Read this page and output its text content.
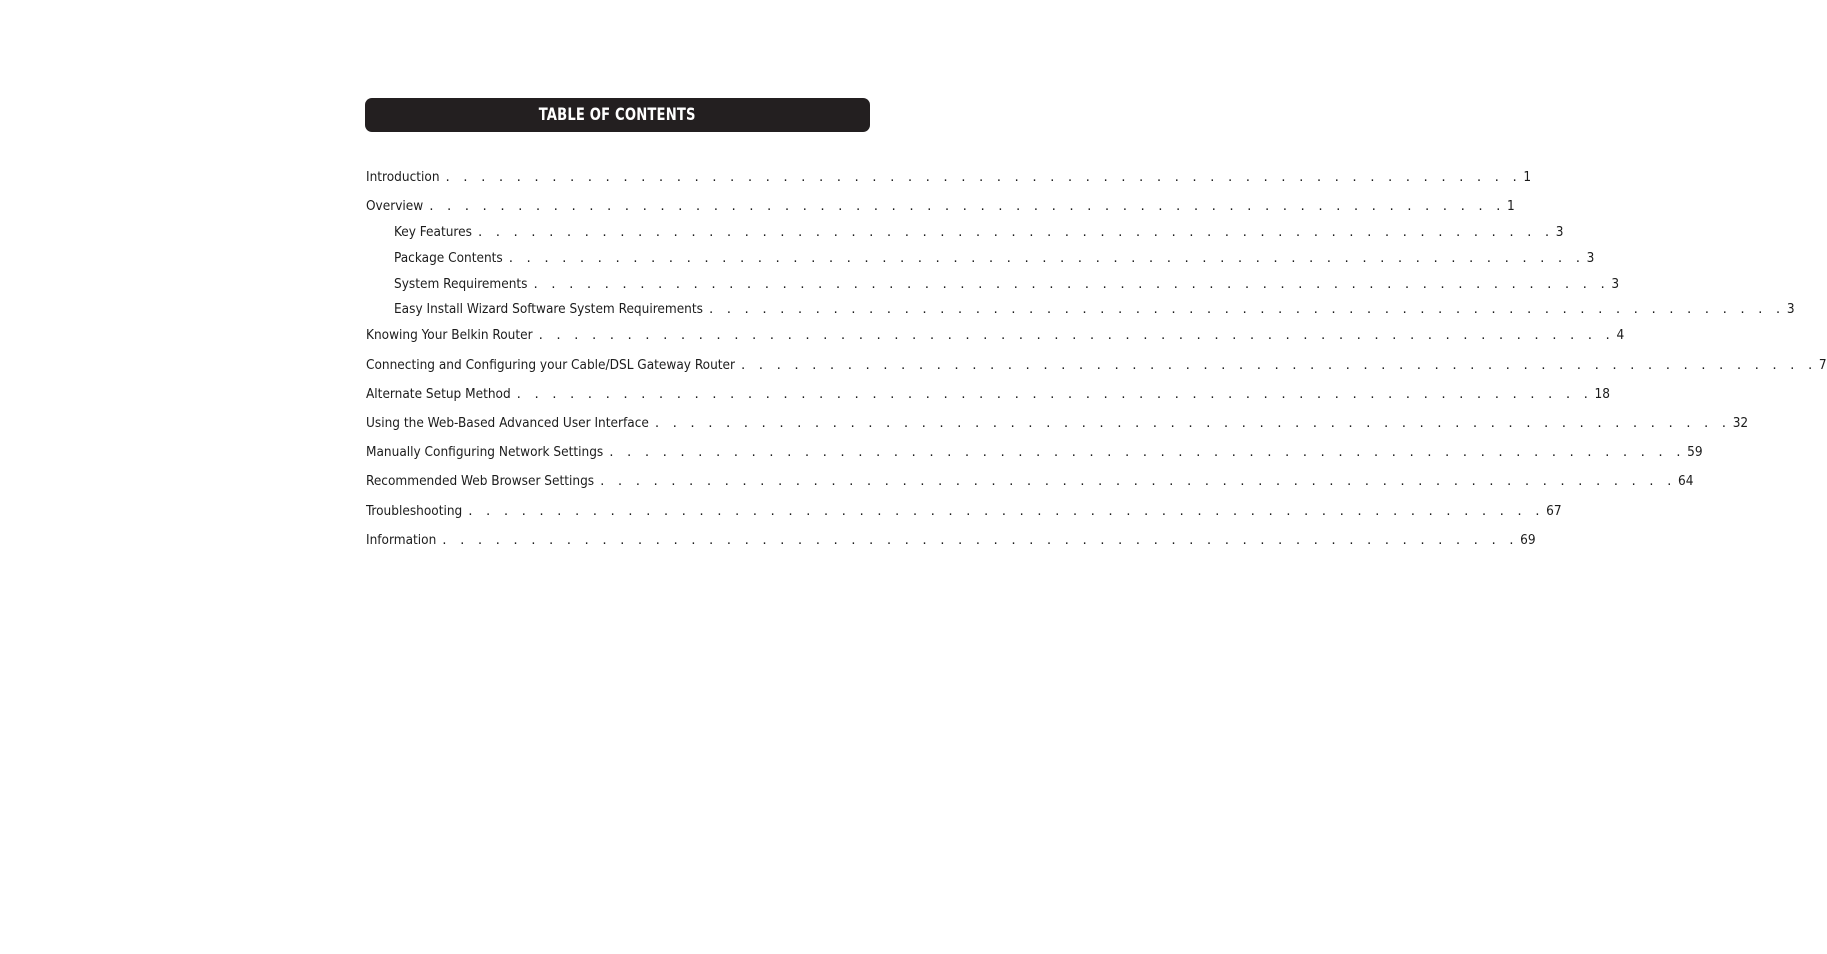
TABLE OF CONTENTS
Introduction . . . . . . . . . . . . . . . . . . . . . . . . . . . . . . . . . . . . . . . . . . . . . . . . . . . . . . . . . . . . . 1
Overview . . . . . . . . . . . . . . . . . . . . . . . . . . . . . . . . . . . . . . . . . . . . . . . . . . . . . . . . . . . . . 1
Key Features . . . . . . . . . . . . . . . . . . . . . . . . . . . . . . . . . . . . . . . . . . . . . . . . . . . . . . . . . . . . . 3
Package Contents . . . . . . . . . . . . . . . . . . . . . . . . . . . . . . . . . . . . . . . . . . . . . . . . . . . . . . . . . . . . . 3
System Requirements . . . . . . . . . . . . . . . . . . . . . . . . . . . . . . . . . . . . . . . . . . . . . . . . . . . . . . . . . . . . . 3
Easy Install Wizard Software System Requirements . . . . . . . . . . . . . . . . . . . . . . . . . . . . . . . . . . . . . . . . . . . . . . . . . . . . . . . . . . . . . 3
Knowing Your Belkin Router . . . . . . . . . . . . . . . . . . . . . . . . . . . . . . . . . . . . . . . . . . . . . . . . . . . . . . . . . . . . . 4
Connecting and Configuring your Cable/DSL Gateway Router . . . . . . . . . . . . . . . . . . . . . . . . . . . . . . . . . . . . . . . . . . . . . . . . . . . . . . . . . . . . . 7
Alternate Setup Method . . . . . . . . . . . . . . . . . . . . . . . . . . . . . . . . . . . . . . . . . . . . . . . . . . . . . . . . . . . . . 18
Using the Web-Based Advanced User Interface . . . . . . . . . . . . . . . . . . . . . . . . . . . . . . . . . . . . . . . . . . . . . . . . . . . . . . . . . . . . . 32
Manually Configuring Network Settings . . . . . . . . . . . . . . . . . . . . . . . . . . . . . . . . . . . . . . . . . . . . . . . . . . . . . . . . . . . . . 59
Recommended Web Browser Settings . . . . . . . . . . . . . . . . . . . . . . . . . . . . . . . . . . . . . . . . . . . . . . . . . . . . . . . . . . . . . 64
Troubleshooting . . . . . . . . . . . . . . . . . . . . . . . . . . . . . . . . . . . . . . . . . . . . . . . . . . . . . . . . . . . . . 67
Information . . . . . . . . . . . . . . . . . . . . . . . . . . . . . . . . . . . . . . . . . . . . . . . . . . . . . . . . . . . . . 69
